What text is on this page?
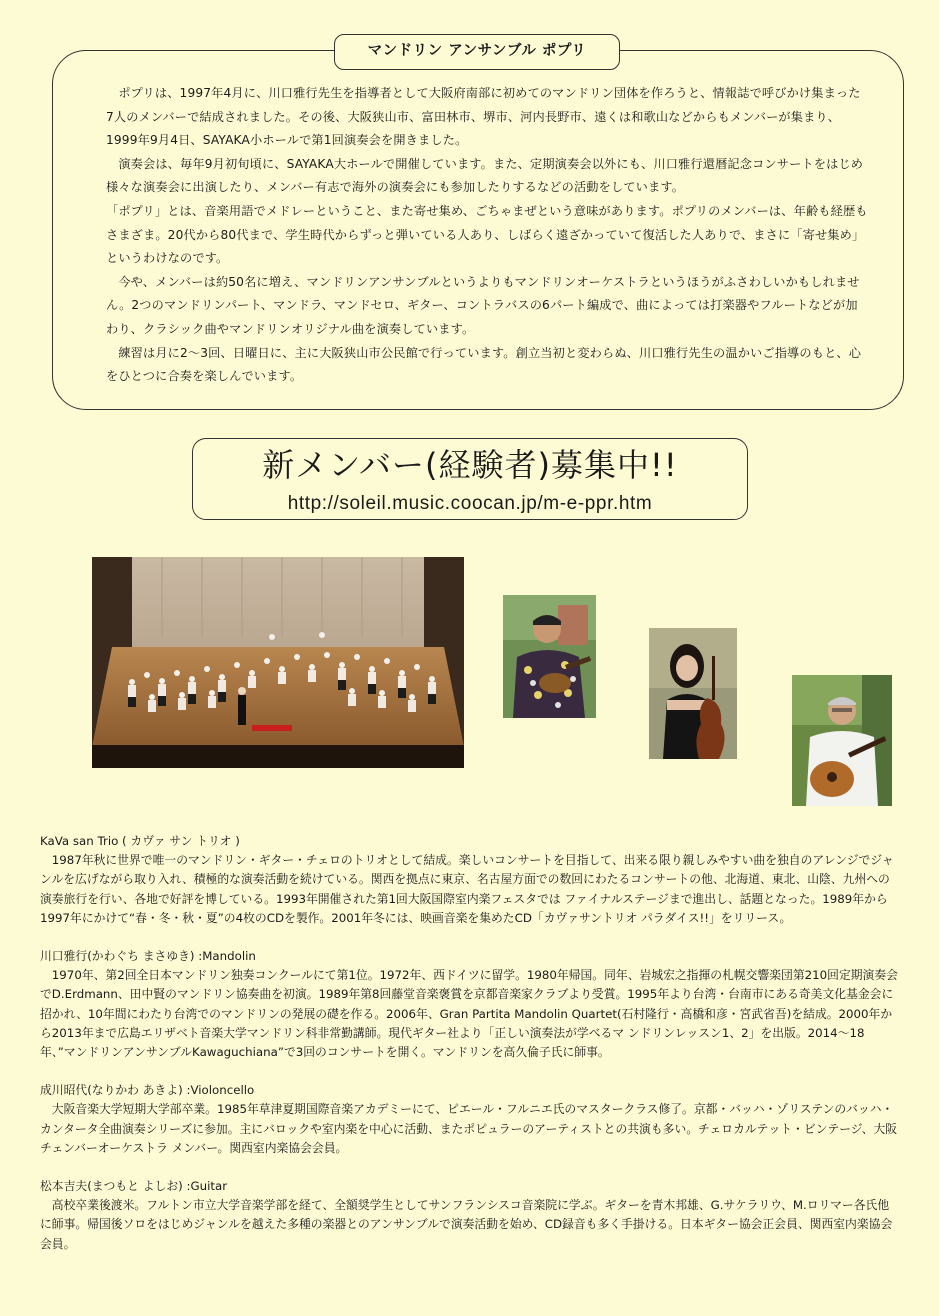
マンドリン アンサンブル ポプリ

　ポプリは、1997年4月に、川口雅行先生を指導者として大阪府南部に初めてのマンドリン団体を作ろうと、情報誌で呼びかけ集まった7人のメンバーで結成されました。その後、大阪狭山市、富田林市、堺市、河内長野市、遠くは和歌山などからもメンバーが集まり、1999年9月4日、SAYAKA小ホールで第1回演奏会を開きました。

　演奏会は、毎年9月初旬頃に、SAYAKA大ホールで開催しています。また、定期演奏会以外にも、川口雅行還暦記念コンサートをはじめ様々な演奏会に出演したり、メンバー有志で海外の演奏会にも参加したりするなどの活動をしています。

「ポプリ」とは、音楽用語でメドレーということ、また寄せ集め、ごちゃまぜという意味があります。ポプリのメンバーは、年齢も経歴もさまざま。20代から80代まで、学生時代からずっと弾いている人あり、しばらく遠ざかっていて復活した人ありで、まさに「寄せ集め」というわけなのです。

　今や、メンバーは約50名に増え、マンドリンアンサンブルというよりもマンドリンオーケストラというほうがふさわしいかもしれません。2つのマンドリンパート、マンドラ、マンドセロ、ギター、コントラバスの6パート編成で、曲によっては打楽器やフルートなどが加わり、クラシック曲やマンドリンオリジナル曲を演奏しています。

　練習は月に2～3回、日曜日に、主に大阪狭山市公民館で行っています。創立当初と変わらぬ、川口雅行先生の温かいご指導のもと、心をひとつに合奏を楽しんでいます。

新メンバー(経験者)募集中!!
http://soleil.music.coocan.jp/m-e-ppr.htm

KaVa san Trio ( カヴァ サン トリオ )

　1987年秋に世界で唯一のマンドリン・ギター・チェロのトリオとして結成。楽しいコンサートを目指して、出来る限り親しみやすい曲を独自のアレンジでジャンルを広げながら取り入れ、積極的な演奏活動を続けている。関西を拠点に東京、名古屋方面での数回にわたるコンサートの他、北海道、東北、山陰、九州への演奏旅行を行い、各地で好評を博している。1993年開催された第1回大阪国際室内楽フェスタでは ファイナルステージまで進出し、話題となった。1989年から1997年にかけて“春・冬・秋・夏”の4枚のCDを製作。2001年冬には、映画音楽を集めたCD「カヴァサントリオ パラダイス!!」をリリース。

川口雅行(かわぐち まさゆき) :Mandolin

　1970年、第2回全日本マンドリン独奏コンクールにて第1位。1972年、西ドイツに留学。1980年帰国。同年、岩城宏之指揮の札幌交響楽団第210回定期演奏会でD.Erdmann、田中賢のマンドリン協奏曲を初演。1989年第8回藤堂音楽褒賞を京都音楽家クラブより受賞。1995年より台湾・台南市にある奇美文化基金会に招かれ、10年間にわたり台湾でのマンドリンの発展の礎を作る。2006年、Gran Partita Mandolin Quartet(石村隆行・高橋和彦・宮武省吾)を結成。2000年から2013年まで広島エリザベト音楽大学マンドリン科非常勤講師。現代ギター社より「正しい演奏法が学べるマ ンドリンレッスン1、2」を出版。2014～18年、”マンドリンアンサンブルKawaguchiana”で3回のコンサートを開く。マンドリンを高久倫子氏に師事。

成川昭代(なりかわ あきよ) :Violoncello

　大阪音楽大学短期大学部卒業。1985年草津夏期国際音楽アカデミーにて、ピエール・フルニエ氏のマスタークラス修了。京都・バッハ・ゾリステンのバッハ・カンタータ全曲演奏シリーズに参加。主にバロックや室内楽を中心に活動、またポピュラーのアーティストとの共演も多い。チェロカルテット・ビンテージ、大阪チェンバーオーケストラ メンバー。関西室内楽協会会員。

松本吉夫(まつもと よしお) :Guitar

　高校卒業後渡米。フルトン市立大学音楽学部を経て、全額奨学生としてサンフランシスコ音楽院に学ぶ。ギターを青木邦雄、G.サケラリウ、M.ロリマー各氏他に師事。帰国後ソロをはじめジャンルを越えた多種の楽器とのアンサンブルで演奏活動を始め、CD録音も多く手掛ける。日本ギター協会正会員、関西室内楽協会会員。
